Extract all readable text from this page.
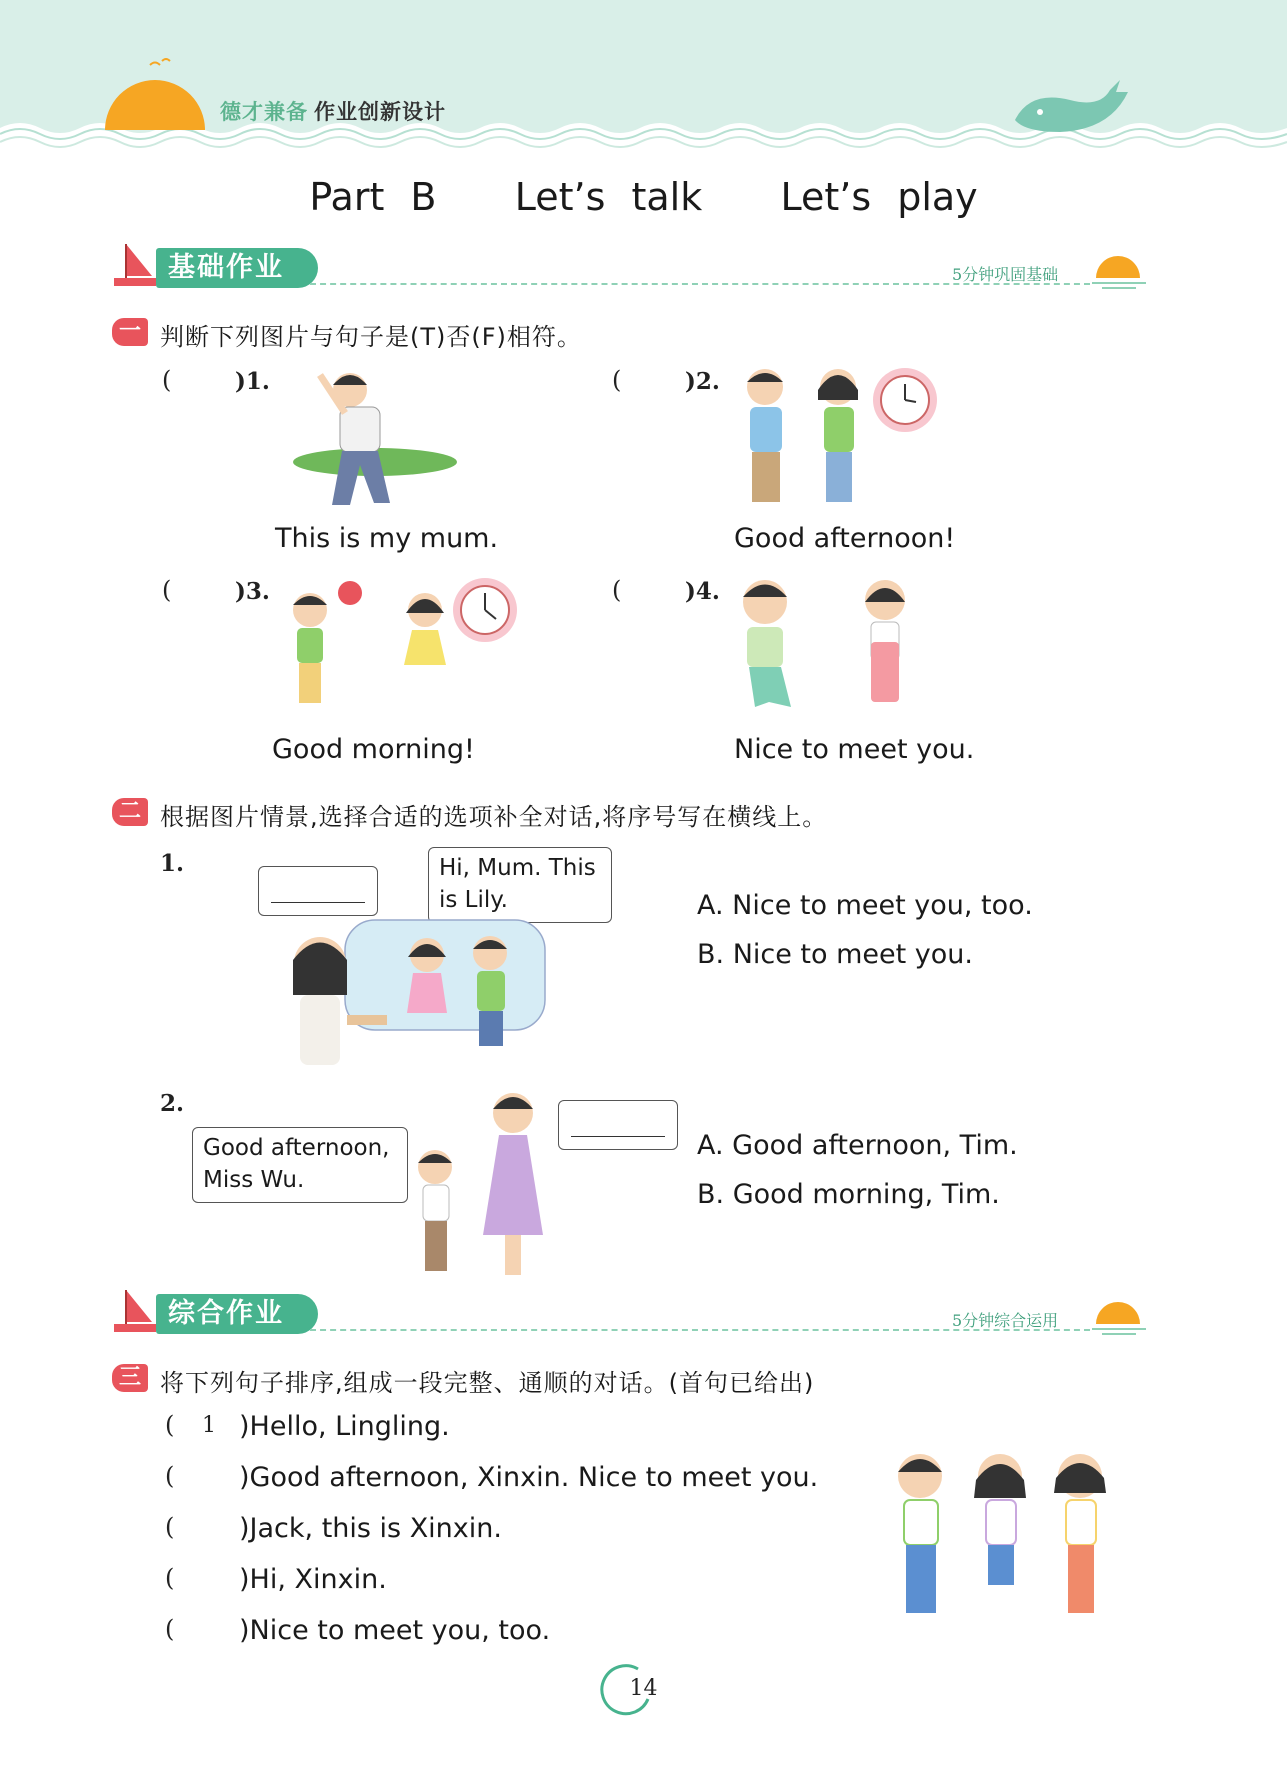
德才兼备 作业创新设计
Part B   Let’s talk   Let’s play
基础作业	5分钟巩固基础
一 判断下列图片与句子是(T)否(F)相符。
(	)1.
This is my mum.
(	)2.
Good afternoon!
(	)3.
Good morning!
(	)4.
Nice to meet you.
二 根据图片情景,选择合适的选项补全对话,将序号写在横线上。
1.	Hi, Mum. This
is Lily.	A. Nice to meet you, too.
B. Nice to meet you.
2.
Good afternoon,
Miss Wu.
A. Good afternoon, Tim.
B. Good morning, Tim.
综合作业	5分钟综合运用
三 将下列句子排序,组成一段完整、通顺的对话。(首句已给出)
( 1 )Hello, Lingling.
( )Good afternoon, Xinxin. Nice to meet you.
( )Jack, this is Xinxin.
( )Hi, Xinxin.
( )Nice to meet you, too.
14
